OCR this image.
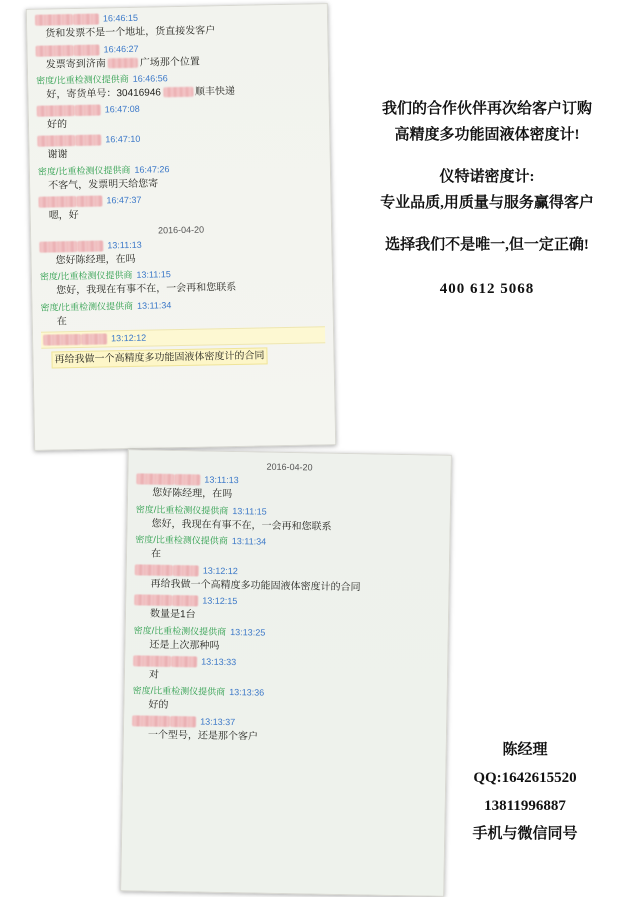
16:46:15
货和发票不是一个地址，货直接发客户
16:46:27
发票寄到济南	广场那个位置
密度/比重检测仪提供商 16:46:56
好，寄货单号：30416946	顺丰快递
16:47:08
好的
16:47:10
谢谢
密度/比重检测仪提供商 16:47:26
不客气，发票明天给您寄
16:47:37
嗯，好
2016-04-20
13:11:13
您好陈经理，在吗
密度/比重检测仪提供商 13:11:15
您好，我现在有事不在，一会再和您联系
密度/比重检测仪提供商 13:11:34
在
13:12:12
再给我做一个高精度多功能固液体密度计的合同
我们的合作伙伴再次给客户订购
高精度多功能固液体密度计!
仪特诺密度计:
专业品质,用质量与服务赢得客户
选择我们不是唯一,但一定正确!
400 612 5068
2016-04-20
13:11:13
您好陈经理，在吗
密度/比重检测仪提供商 13:11:15
您好，我现在有事不在，一会再和您联系
密度/比重检测仪提供商 13:11:34
在
13:12:12
再给我做一个高精度多功能固液体密度计的合同
13:12:15
数量是1台
密度/比重检测仪提供商 13:13:25
还是上次那种吗
13:13:33
对
密度/比重检测仪提供商 13:13:36
好的
13:13:37
一个型号，还是那个客户
陈经理
QQ:1642615520
13811996887
手机与微信同号
